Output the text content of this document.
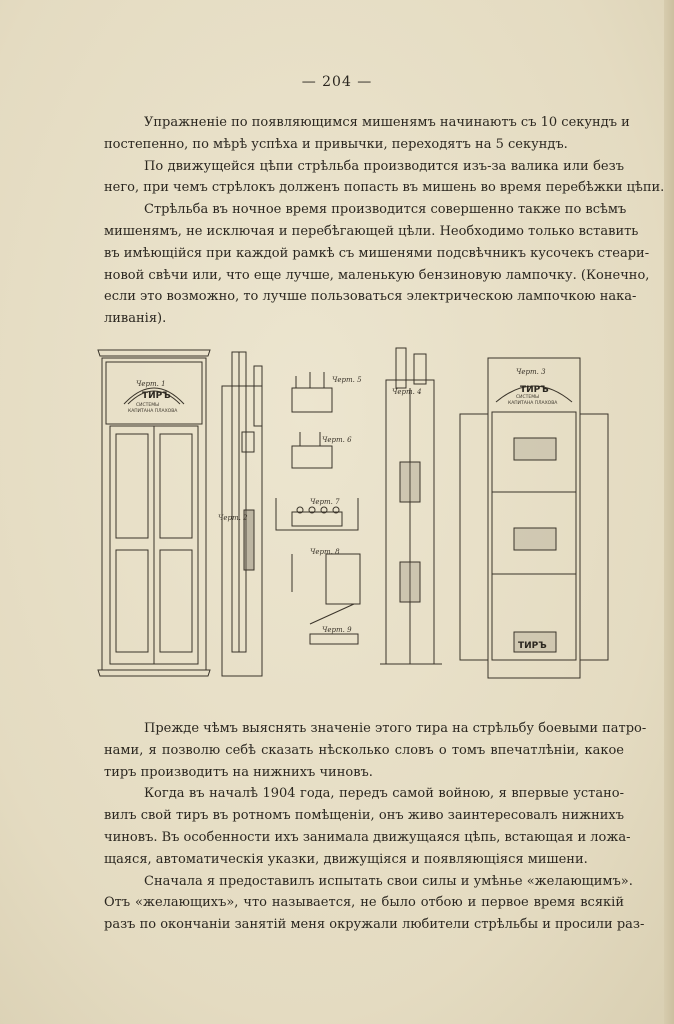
— 204 —

Упражненіе по появляющимся мишенямъ начинаютъ съ 10 секундъ и
постепенно, по мѣрѣ успѣха и привычки, переходятъ на 5 секундъ.

По движущейся цѣпи стрѣльба производится изъ-за валика или безъ
него, при чемъ стрѣлокъ долженъ попасть въ мишень во время перебѣжки цѣпи.

Стрѣльба въ ночное время производится совершенно также по всѣмъ
мишенямъ, не исключая и перебѣгающей цѣли. Необходимо только вставить
въ имѣющійся при каждой рамкѣ съ мишенями подсвѣчникъ кусочекъ стеари-
новой свѣчи или, что еще лучше, маленькую бензиновую лампочку. (Конечно,
если это возможно, то лучше пользоваться электрическою лампочкою нака-
ливанія).

Черт. 1
ТИРЪ
СИСТЕМЫ
КАПИТАНА ПЛАХОВА
Черт. 2
Черт. 3
ТИРЪ
СИСТЕМЫ
КАПИТАНА ПЛАХОВА
ТИРЪ
Черт. 4
Черт. 5
Черт. 6
Черт. 7
Черт. 8
Черт. 9

Прежде чѣмъ выяснять значеніе этого тира на стрѣльбу боевыми патро-
нами, я позволю себѣ сказать нѣсколько словъ о томъ впечатлѣніи, какое
тиръ производитъ на нижнихъ чиновъ.

Когда въ началѣ 1904 года, передъ самой войною, я впервые устано-
вилъ свой тиръ въ ротномъ помѣщеніи, онъ живо заинтересовалъ нижнихъ
чиновъ. Въ особенности ихъ занимала движущаяся цѣпь, встающая и ложа-
щаяся, автоматическія указки, движущіяся и появляющіяся мишени.

Сначала я предоставилъ испытать свои силы и умѣнье «желающимъ».
Отъ «желающихъ», что называется, не было отбою и первое время всякій
разъ по окончаніи занятій меня окружали любители стрѣльбы и просили раз-
